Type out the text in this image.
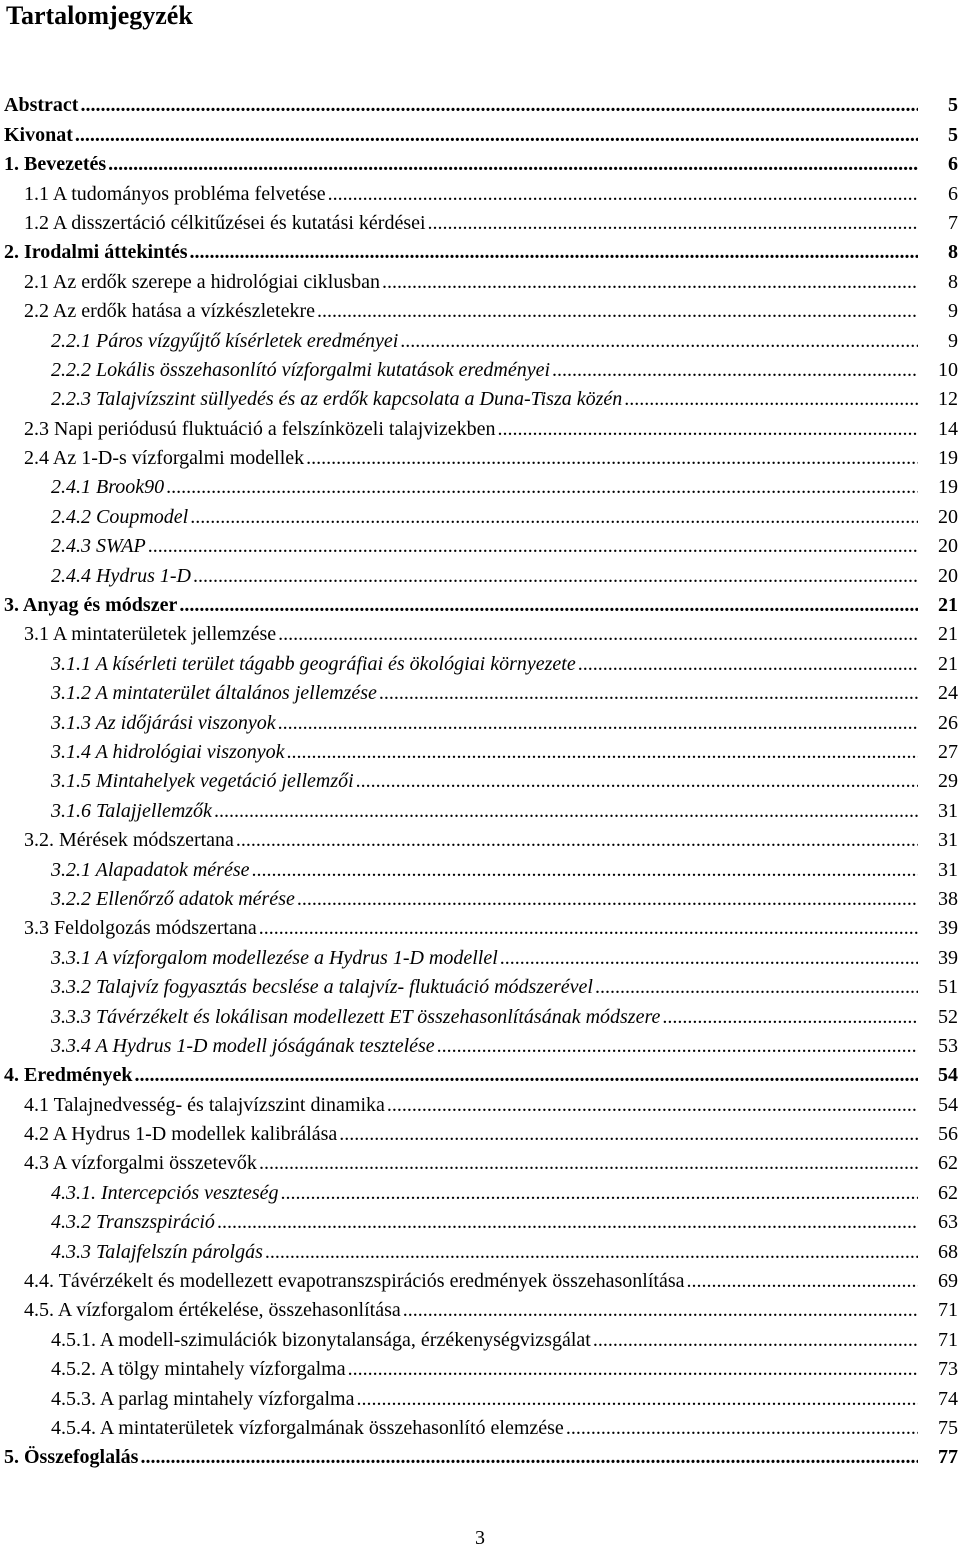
Tartalomjegyzék
Abstract .....	5
Kivonat .....	5
1. Bevezetés .....	6
1.1 A tudományos probléma felvetése .....	6
1.2 A disszertáció célkitűzései és kutatási kérdései .....	7
2. Irodalmi áttekintés .....	8
2.1 Az erdők szerepe a hidrológiai ciklusban .....	8
2.2 Az erdők hatása a vízkészletekre .....	9
2.2.1 Páros vízgyűjtő kísérletek eredményei .....	9
2.2.2 Lokális összehasonlító vízforgalmi kutatások eredményei .....	10
2.2.3 Talajvízszint süllyedés és az erdők kapcsolata a Duna-Tisza közén .....	12
2.3 Napi periódusú fluktuáció a felszínközeli talajvizekben .....	14
2.4 Az 1-D-s vízforgalmi modellek .....	19
2.4.1 Brook90 .....	19
2.4.2 Coupmodel .....	20
2.4.3 SWAP .....	20
2.4.4 Hydrus 1-D .....	20
3. Anyag és módszer .....	21
3.1 A mintaterületek jellemzése .....	21
3.1.1 A kísérleti terület tágabb geográfiai és ökológiai környezete .....	21
3.1.2 A mintaterület általános jellemzése .....	24
3.1.3 Az időjárási viszonyok .....	26
3.1.4 A hidrológiai viszonyok .....	27
3.1.5 Mintahelyek vegetáció jellemzői .....	29
3.1.6 Talajjellemzők .....	31
3.2. Mérések módszertana .....	31
3.2.1 Alapadatok mérése .....	31
3.2.2 Ellenőrző adatok mérése .....	38
3.3 Feldolgozás módszertana .....	39
3.3.1 A vízforgalom modellezése a Hydrus 1-D modellel .....	39
3.3.2 Talajvíz fogyasztás becslése a talajvíz- fluktuáció módszerével .....	51
3.3.3 Távérzékelt és lokálisan modellezett ET összehasonlításának módszere .....	52
3.3.4 A Hydrus 1-D modell jóságának tesztelése .....	53
4. Eredmények .....	54
4.1 Talajnedvesség- és talajvízszint dinamika .....	54
4.2 A Hydrus 1-D modellek kalibrálása .....	56
4.3 A vízforgalmi összetevők .....	62
4.3.1. Intercepciós veszteség .....	62
4.3.2 Transzspiráció .....	63
4.3.3 Talajfelszín párolgás .....	68
4.4. Távérzékelt és modellezett evapotranszspirációs eredmények összehasonlítása .....	69
4.5. A vízforgalom értékelése, összehasonlítása .....	71
4.5.1. A modell-szimulációk bizonytalansága, érzékenységvizsgálat .....	71
4.5.2. A tölgy mintahely vízforgalma .....	73
4.5.3. A parlag mintahely vízforgalma .....	74
4.5.4. A mintaterületek vízforgalmának összehasonlító elemzése .....	75
5. Összefoglalás .....	77
3
